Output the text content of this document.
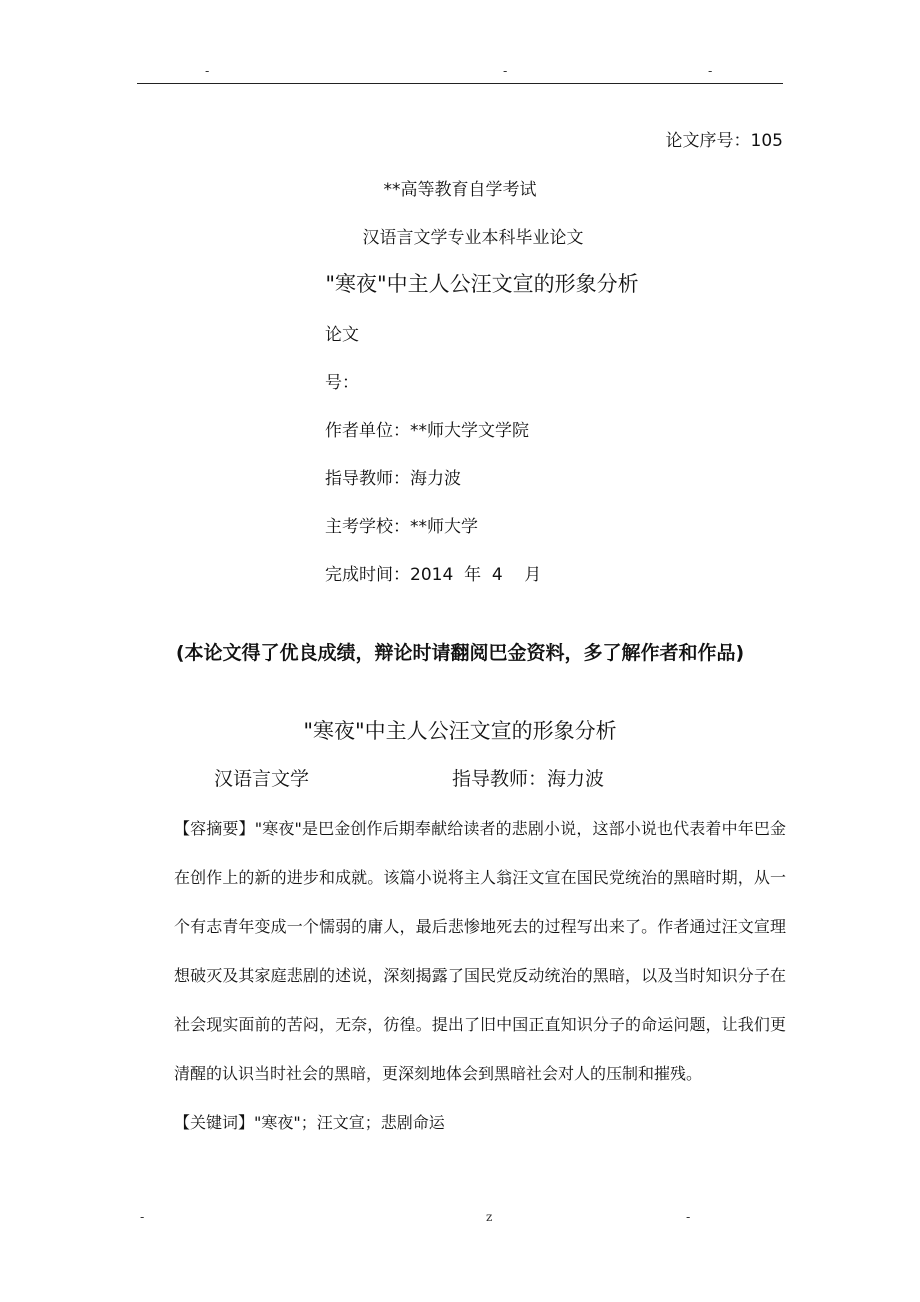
-	-	-
论文序号：105
**高等教育自学考试
汉语言文学专业本科毕业论文
"寒夜"中主人公汪文宣的形象分析
论文
号：
作者单位：**师大学文学院
指导教师：海力波
主考学校：**师大学
完成时间：2014  年  4    月
(本论文得了优良成绩，辩论时请翻阅巴金资料，多了解作者和作品)
"寒夜"中主人公汪文宣的形象分析
汉语言文学	指导教师：海力波

【容摘要】"寒夜"是巴金创作后期奉献给读者的悲剧小说，这部小说也代表着中年巴金在创作上的新的进步和成就。该篇小说将主人翁汪文宣在国民党统治的黑暗时期，从一个有志青年变成一个懦弱的庸人，最后悲惨地死去的过程写出来了。作者通过汪文宣理想破灭及其家庭悲剧的述说，深刻揭露了国民党反动统治的黑暗，以及当时知识分子在社会现实面前的苦闷，无奈，彷徨。提出了旧中国正直知识分子的命运问题，让我们更清醒的认识当时社会的黑暗，更深刻地体会到黑暗社会对人的压制和摧残。

【关键词】"寒夜"；汪文宣；悲剧命运

-	z	-
